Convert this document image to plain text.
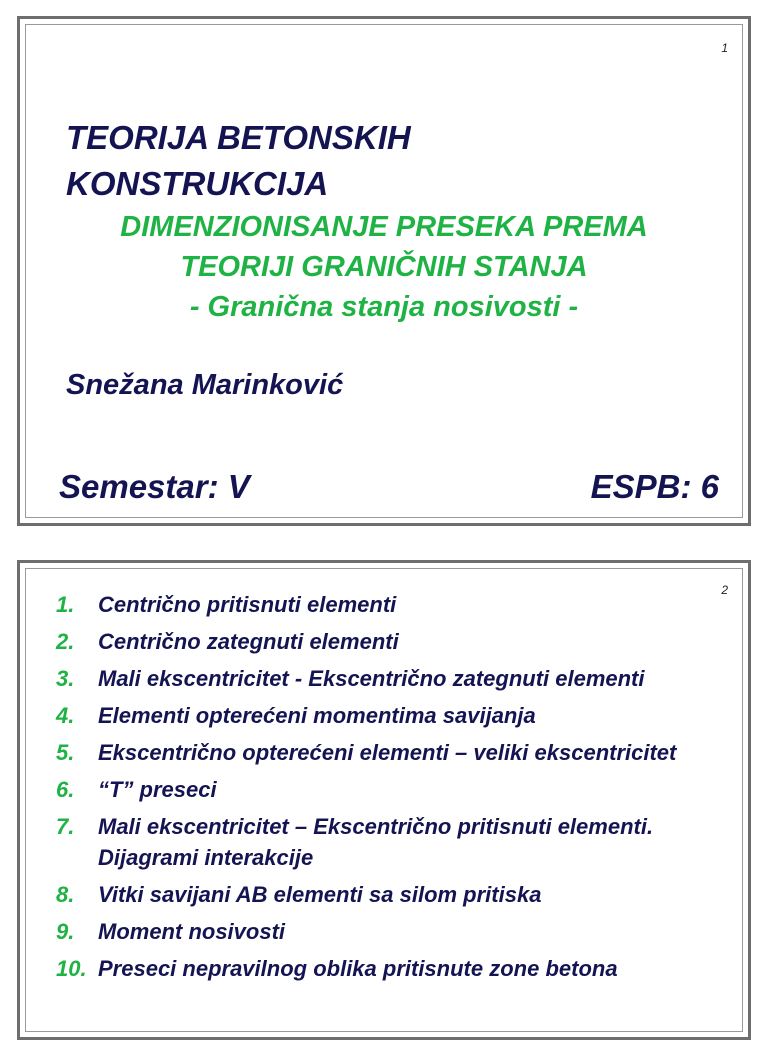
1
TEORIJA BETONSKIH
KONSTRUKCIJA
DIMENZIONISANJE PRESEKA PREMA
TEORIJI GRANIČNIH STANJA
- Granična stanja nosivosti -
Snežana Marinković
Semestar: V	ESPB: 6
2
1.	Centrično pritisnuti elementi
2.	Centrično zategnuti elementi
3.	Mali ekscentricitet - Ekscentrično zategnuti elementi
4.	Elementi opterećeni momentima savijanja
5.	Ekscentrično opterećeni elementi – veliki ekscentricitet
6.	“T” preseci
7.	Mali ekscentricitet – Ekscentrično pritisnuti elementi. Dijagrami interakcije
8.	Vitki savijani AB elementi sa silom pritiska
9.	Moment nosivosti
10. Preseci nepravilnog oblika pritisnute zone betona
